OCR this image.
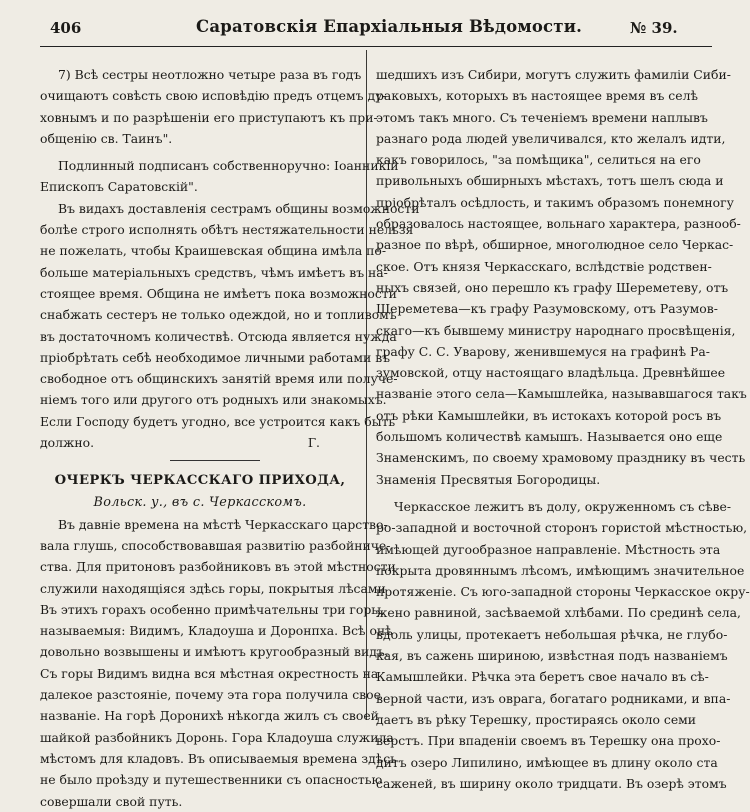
406	Саратовскія Епархіальныя Вѣдомости.	№ 39.
7) Всѣ сестры неотложно четыре раза въ годъ
очищаютъ совѣсть свою исповѣдію предъ отцемъ ду-
ховнымъ и по разрѣшеніи его приступаютъ къ при-
общенію св. Таинъ".
Подлинный подписанъ собственноручно: Іоанникій
Епископъ Саратовскій".
Въ видахъ доставленія сестрамъ общины возможности
болѣе строго исполнять обѣтъ нестяжательности нельзя
не пожелать, чтобы Краишевская община имѣла по-
больше матеріальныхъ средствъ, чѣмъ имѣетъ въ на-
стоящее время. Община не имѣетъ пока возможности
снабжать сестеръ не только одеждой, но и топливомъ
въ достаточномъ количествѣ. Отсюда является нужда
пріобрѣтать себѣ необходимое личными работами въ
свободное отъ общинскихъ занятій время или получе-
ніемъ того или другого отъ родныхъ или знакомыхъ.
Если Господу будетъ угодно, все устроится какъ быть
должно.	Г.
ОЧЕРКЪ ЧЕРКАССКАГО ПРИХОДА,
Вольск. у., въ с. Черкасскомъ.
Въ давніе времена на мѣстѣ Черкасскаго царство-
вала глушь, способствовавшая развитію разбойниче-
ства. Для притоновъ разбойниковъ въ этой мѣстности
служили находящіяся здѣсь горы, покрытыя лѣсами
Въ этихъ горахъ особенно примѣчательны три горы,
называемыя: Видимъ, Кладоуша и Доронпха. Всѣ онѣ
довольно возвышены и имѣютъ кругообразный видъ.
Съ горы Видимъ видна вся мѣстная окрестность на
далекое разстояніе, почему эта гора получила свое
названіе. На горѣ Доронихѣ нѣкогда жилъ съ своей
шайкой разбойникъ Доронь. Гора Кладоуша служила
мѣстомъ для кладовъ. Въ описываемыя времена здѣсь
не было проѣзду и путешественники съ опасностью
совершали свой путь.
шедшихъ изъ Сибири, могутъ служить фамиліи Сиби-
раковыхъ, которыхъ въ настоящее время въ селѣ
этомъ такъ много. Съ теченіемъ времени наплывъ
разнаго рода людей увеличивался, кто желалъ идти,
какъ говорилось, "за помѣщика", селиться на его
привольныхъ обширныхъ мѣстахъ, тотъ шелъ сюда и
пріобрѣталъ осѣдлость, и такимъ образомъ понемногу
образовалось настоящее, вольнаго характера, разнооб-
разное по вѣрѣ, обширное, многолюдное село Черкас-
ское. Отъ князя Черкасскаго, вслѣдствіе родствен-
ныхъ связей, оно перешло къ графу Шереметеву, отъ
Шереметева—къ графу Разумовскому, отъ Разумов-
скаго—къ бывшему министру народнаго просвѣщенія,
графу С. С. Уварову, женившемуся на графинѣ Ра-
зумовской, отцу настоящаго владѣльца. Древнѣйшее
названіе этого села—Камышлейка, называвшагося такъ
отъ рѣки Камышлейки, въ истокахъ которой росъ въ
большомъ количествѣ камышъ. Называется оно еще
Знаменскимъ, по своему храмовому празднику въ честь
Знаменія Пресвятыя Богородицы.
Черкасское лежитъ въ долу, окруженномъ съ сѣве-
ро-западной и восточной сторонъ гористой мѣстностью,
имѣющей дугообразное направленіе. Мѣстность эта
покрыта дровяннымъ лѣсомъ, имѣющимъ значительное
протяженіе. Съ юго-западной стороны Черкасское окру-
жено равниной, засѣваемой хлѣбами. По срединѣ села,
вдоль улицы, протекаетъ небольшая рѣчка, не глубо-
кая, въ сажень шириною, извѣстная подъ названіемъ
Камышлейки. Рѣчка эта беретъ свое начало въ сѣ-
верной части, изъ оврага, богатаго родниками, и впа-
даетъ въ рѣку Терешку, простираясь около семи
верстъ. При впаденіи своемъ въ Терешку она прохо-
дитъ озеро Липилино, имѣющее въ длину около ста
саженей, въ ширину около тридцати. Въ озерѣ этомъ
